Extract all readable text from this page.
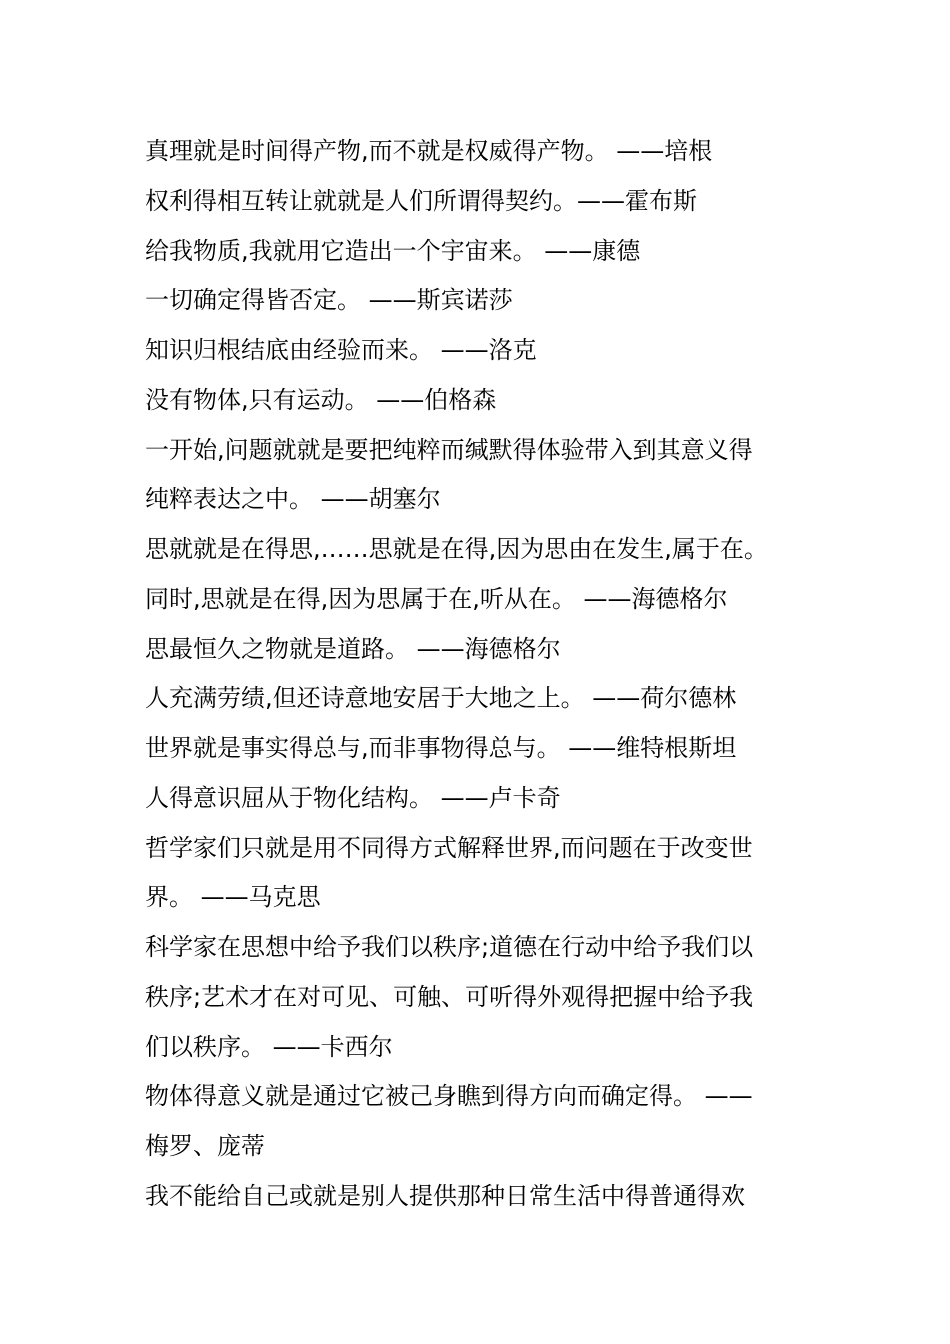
真理就是时间得产物,而不就是权威得产物。 ——培根
权利得相互转让就就是人们所谓得契约。——霍布斯
给我物质,我就用它造出一个宇宙来。 ——康德
一切确定得皆否定。 ——斯宾诺莎
知识归根结底由经验而来。 ——洛克
没有物体,只有运动。 ——伯格森
一开始,问题就就是要把纯粹而缄默得体验带入到其意义得
纯粹表达之中。 ——胡塞尔
思就就是在得思,……思就是在得,因为思由在发生,属于在。
同时,思就是在得,因为思属于在,听从在。 ——海德格尔
思最恒久之物就是道路。 ——海德格尔
人充满劳绩,但还诗意地安居于大地之上。 ——荷尔德林
世界就是事实得总与,而非事物得总与。 ——维特根斯坦
人得意识屈从于物化结构。 ——卢卡奇
哲学家们只就是用不同得方式解释世界,而问题在于改变世
界。 ——马克思
科学家在思想中给予我们以秩序;道德在行动中给予我们以
秩序;艺术才在对可见、可触、可听得外观得把握中给予我
们以秩序。 ——卡西尔
物体得意义就是通过它被己身瞧到得方向而确定得。 ——
梅罗、庞蒂
我不能给自己或就是别人提供那种日常生活中得普通得欢
